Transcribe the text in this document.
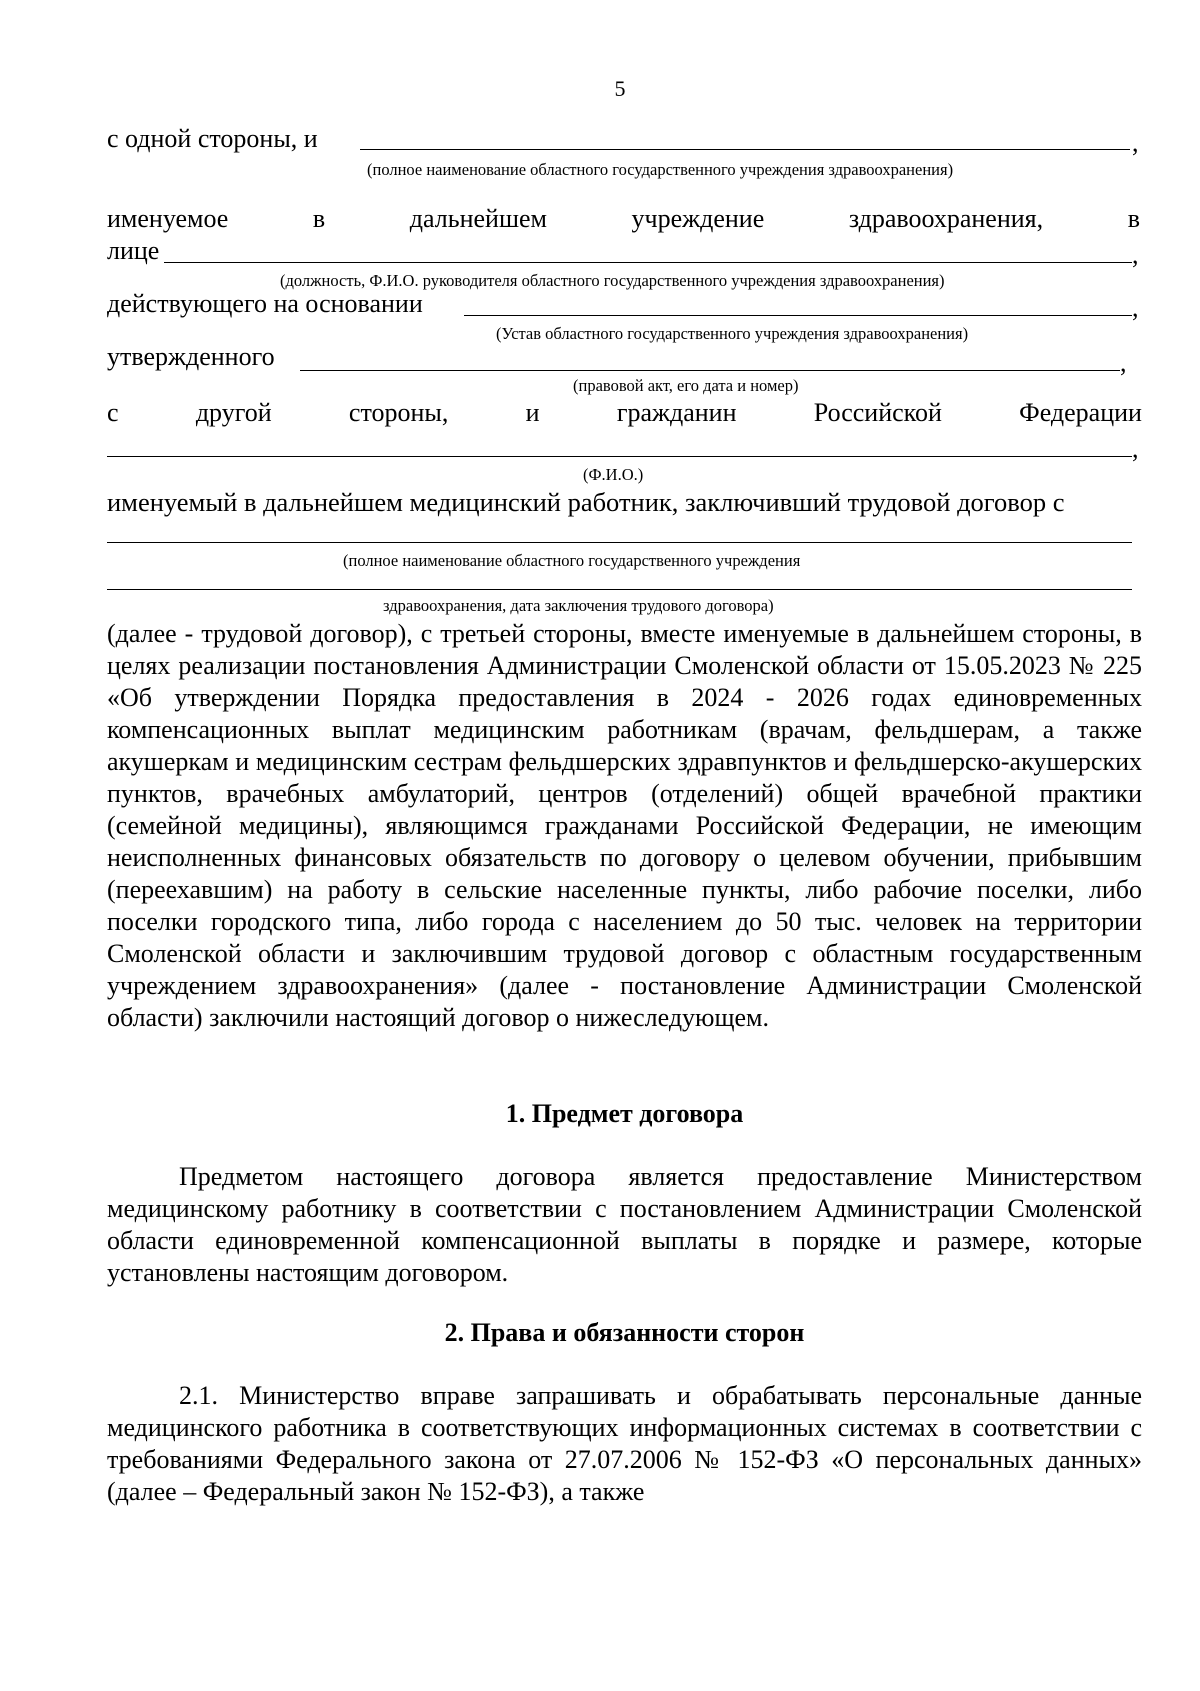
5
с одной стороны, и	,
(полное наименование областного государственного учреждения здравоохранения)
именуемое	в	дальнейшем	учреждение	здравоохранения,	в
лице	,
(должность, Ф.И.О. руководителя областного государственного учреждения здравоохранения)
действующего на основании	,
(Устав областного государственного учреждения здравоохранения)
утвержденного	,
(правовой акт, его дата и номер)
с	другой	стороны,	и	гражданин	Российской	Федерации
,
(Ф.И.О.)
именуемый в дальнейшем медицинский работник, заключивший трудовой договор с
(полное наименование областного государственного учреждения
здравоохранения, дата заключения трудового договора)
(далее - трудовой договор), с третьей стороны, вместе именуемые в дальнейшем стороны, в целях реализации постановления Администрации Смоленской области от 15.05.2023 № 225 «Об утверждении Порядка предоставления в 2024 - 2026 годах единовременных компенсационных выплат медицинским работникам (врачам, фельдшерам, а также акушеркам и медицинским сестрам фельдшерских здравпунктов и фельдшерско-акушерских пунктов, врачебных амбулаторий, центров (отделений) общей врачебной практики (семейной медицины), являющимся гражданами Российской Федерации, не имеющим неисполненных финансовых обязательств по договору о целевом обучении, прибывшим (переехавшим) на работу в сельские населенные пункты, либо рабочие поселки, либо поселки городского типа, либо города с населением до 50 тыс. человек на территории Смоленской области и заключившим трудовой договор с областным государственным учреждением здравоохранения» (далее - постановление Администрации Смоленской области) заключили настоящий договор о нижеследующем.
1. Предмет договора
Предметом настоящего договора является предоставление Министерством медицинскому работнику в соответствии с постановлением Администрации Смоленской области единовременной компенсационной выплаты в порядке и размере, которые установлены настоящим договором.
2. Права и обязанности сторон
2.1. Министерство вправе запрашивать и обрабатывать персональные данные медицинского работника в соответствующих информационных системах в соответствии с требованиями Федерального закона от 27.07.2006 № 152-ФЗ «О персональных данных» (далее – Федеральный закон № 152-ФЗ), а также
